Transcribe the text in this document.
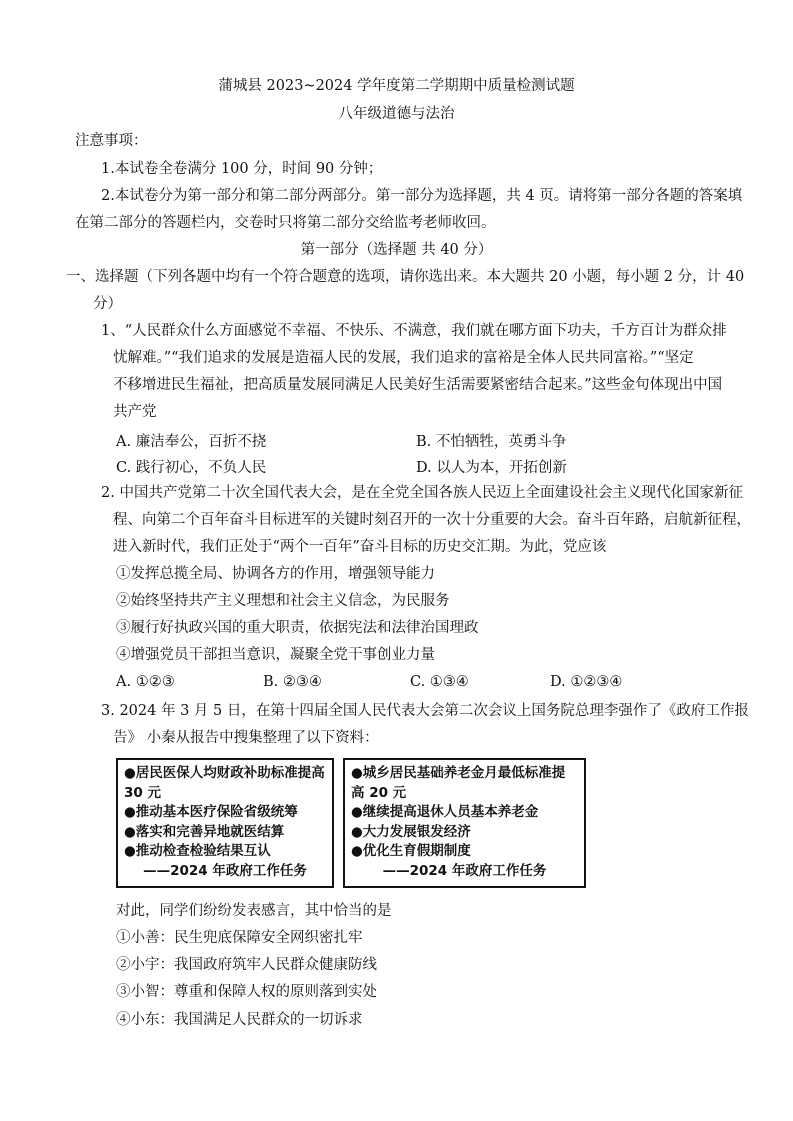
蒲城县 2023~2024 学年度第二学期期中质量检测试题
八年级道德与法治
注意事项：
1.本试卷全卷满分 100 分，时间 90 分钟；
2.本试卷分为第一部分和第二部分两部分。第一部分为选择题，共 4 页。请将第一部分各题的答案填
在第二部分的答题栏内，交卷时只将第二部分交给监考老师收回。
第一部分（选择题 共 40 分）
一、选择题（下列各题中均有一个符合题意的选项，请你选出来。本大题共 20 小题，每小题 2 分，计 40
分）
1、“人民群众什么方面感觉不幸福、不快乐、不满意，我们就在哪方面下功夫，千方百计为群众排
忧解难。”“我们追求的发展是造福人民的发展，我们追求的富裕是全体人民共同富裕。”“坚定
不移增进民生福祉，把高质量发展同满足人民美好生活需要紧密结合起来。”这些金句体现出中国
共产党
A. 廉洁奉公，百折不挠	B. 不怕牺牲，英勇斗争
C. 践行初心，不负人民	D. 以人为本，开拓创新
2. 中国共产党第二十次全国代表大会，是在全党全国各族人民迈上全面建设社会主义现代化国家新征
程、向第二个百年奋斗目标进军的关键时刻召开的一次十分重要的大会。奋斗百年路，启航新征程，
进入新时代，我们正处于“两个一百年”奋斗目标的历史交汇期。为此，党应该
①发挥总揽全局、协调各方的作用，增强领导能力
②始终坚持共产主义理想和社会主义信念，为民服务
③履行好执政兴国的重大职责，依据宪法和法律治国理政
④增强党员干部担当意识，凝聚全党干事创业力量
A. ①②③	B. ②③④	C. ①③④	D. ①②③④
3. 2024 年 3 月 5 日，在第十四届全国人民代表大会第二次会议上国务院总理李强作了《政府工作报
告》 小秦从报告中搜集整理了以下资料：
●居民医保人均财政补助标准提高
30 元
●推动基本医疗保险省级统筹
●落实和完善异地就医结算
●推动检查检验结果互认
——2024 年政府工作任务
●城乡居民基础养老金月最低标准提
高 20 元
●继续提高退休人员基本养老金
●大力发展银发经济
●优化生育假期制度
——2024 年政府工作任务
对此，同学们纷纷发表感言，其中恰当的是
①小善：民生兜底保障安全网织密扎牢
②小宇：我国政府筑牢人民群众健康防线
③小智：尊重和保障人权的原则落到实处
④小东：我国满足人民群众的一切诉求
